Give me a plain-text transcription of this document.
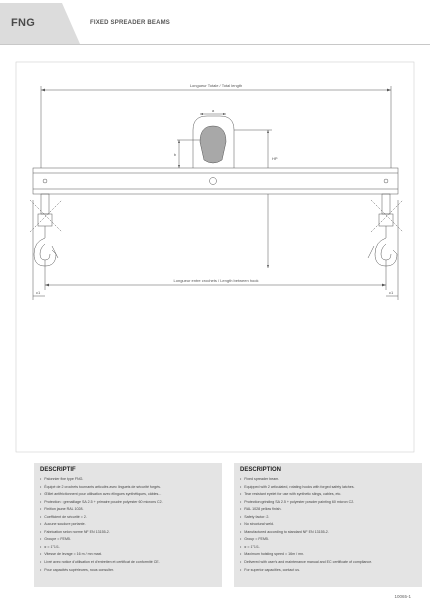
FNG	FIXED SPREADER BEAMS
Longueur Totale / Total length
Longueur entre crochets / Length between hook
a
b
HP
c1	c1
DESCRIPTIF
• Palonnier fixe type FNG.
• Équipé de 2 crochets tournants articulés avec linguets de sécurité forgés.
• Œillet antifrictionnent pour utilisation avec élingues synthétiques, câbles...
• Protection : grenaillage SA 2.5 + primaire poudre polyester 60 microns C2.
• Finition jaune RAL 1028.
• Coefficient de sécurité = 2.
• Aucune soudure portante.
• Fabrication selon norme NF EN 13155-2.
• Groupe = FEM5.
• α = 1°1/1.
• Vitesse de levage = 16 m / mn maxi.
• Livré avec notice d'utilisation et d'entretien et certificat de conformité CE.
• Pour capacités supérieures, nous consulter.
DESCRIPTION
• Fixed spreader beam.
• Equipped with 2 articulated, rotating hooks with forged safety latches.
• Tear resistant eyelet for use with synthetic slings, cables, etc.
• Protection:grinding SA 2.5 + polyester powder painting 60 micron C2.
• RAL 1028 yellow finish.
• Safety factor: 2.
• No structural weld.
• Manufactured according to standard NF EN 13155-2.
• Group = FEM5.
• α = 1°1/1.
• Maximum hoisting speed = 16m / mn.
• Delivered with user's and maintenance manual and EC certificate of compliance.
• For superior capacities, contact us.
10065-1
